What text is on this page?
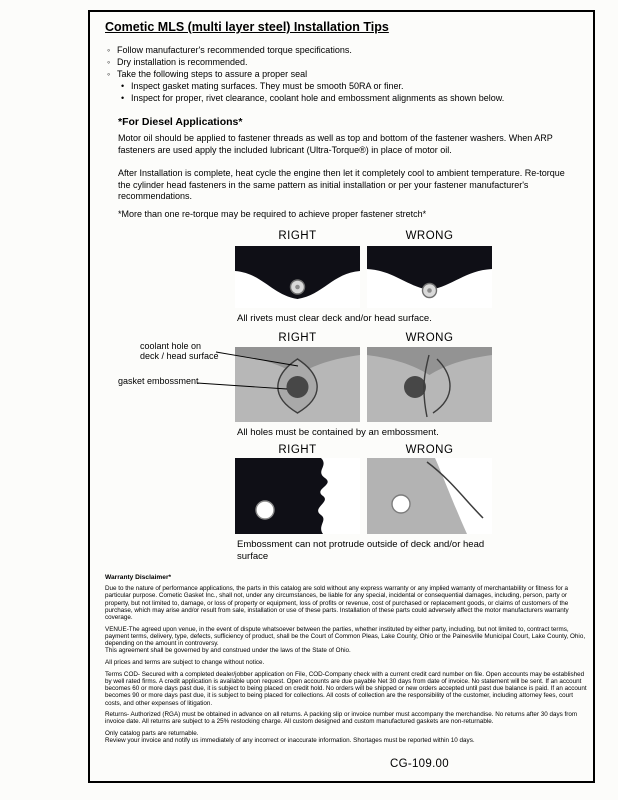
Cometic MLS (multi layer steel) Installation Tips
◦ Follow manufacturer's recommended torque specifications.
◦ Dry installation is recommended.
◦ Take the following steps to assure a proper seal
• Inspect gasket mating surfaces. They must be smooth 50RA or finer.
• Inspect for proper, rivet clearance, coolant hole and embossment alignments as shown below.
*For Diesel Applications*
Motor oil should be applied to fastener threads as well as top and bottom of the fastener washers. When ARP fasteners are used apply the included lubricant (Ultra-Torque®) in place of motor oil.
After Installation is complete, heat cycle the engine then let it completely cool to ambient temperature. Re-torque the cylinder head fasteners in the same pattern as initial installation or per your fastener manufacturer's recommendations.
*More than one re-torque may be required to achieve proper fastener stretch*
RIGHT	WRONG
All rivets must clear deck and/or head surface.
coolant hole on
deck / head surface
gasket embossment
RIGHT	WRONG
All holes must be contained by an embossment.
RIGHT	WRONG
Embossment can not protrude outside of deck and/or head surface
Warranty Disclaimer*

Due to the nature of performance applications, the parts in this catalog are sold without any express warranty or any implied warranty of merchantability or fitness for a particular purpose. Cometic Gasket Inc., shall not, under any circumstances, be liable for any special, incidental or consequential damages, including, person, party or property, but not limited to, damage, or loss of property or equipment, loss of profits or revenue, cost of purchased or replacement goods, or claims of customers of the purchase, which may arise and/or result from sale, installation or use of these parts. Installation of these parts could adversely affect the motor manufacturers warranty coverage.

VENUE-The agreed upon venue, in the event of dispute whatsoever between the parties, whether instituted by either party, including, but not limited to, contract terms, payment terms, delivery, type, defects, sufficiency of product, shall be the Court of Common Pleas, Lake County, Ohio or the Painesville Municipal Court, Lake County, Ohio, depending on the amount in controversy.
This agreement shall be governed by and construed under the laws of the State of Ohio.

All prices and terms are subject to change without notice.

Terms COD- Secured with a completed dealer/jobber application on File, COD-Company check with a current credit card number on file. Open accounts may be established by well rated firms. A credit application is available upon request. Open accounts are due payable Net 30 days from date of invoice. No statement will be sent. If an account becomes 60 or more days past due, it is subject to being placed on credit hold. No orders will be shipped or new orders accepted until past due balance is paid. If an account becomes 90 or more days past due, it is subject to being placed for collections. All costs of collection are the responsibility of the customer, including attorney fees, court costs, and other expenses of litigation.

Returns- Authorized (RGA) must be obtained in advance on all returns. A packing slip or invoice number must accompany the merchandise. No returns after 30 days from invoice date. All returns are subject to a 25% restocking charge. All custom designed and custom manufactured gaskets are non-returnable.

Only catalog parts are returnable.
Review your invoice and notify us immediately of any incorrect or inaccurate information. Shortages must be reported within 10 days.

CG-109.00
